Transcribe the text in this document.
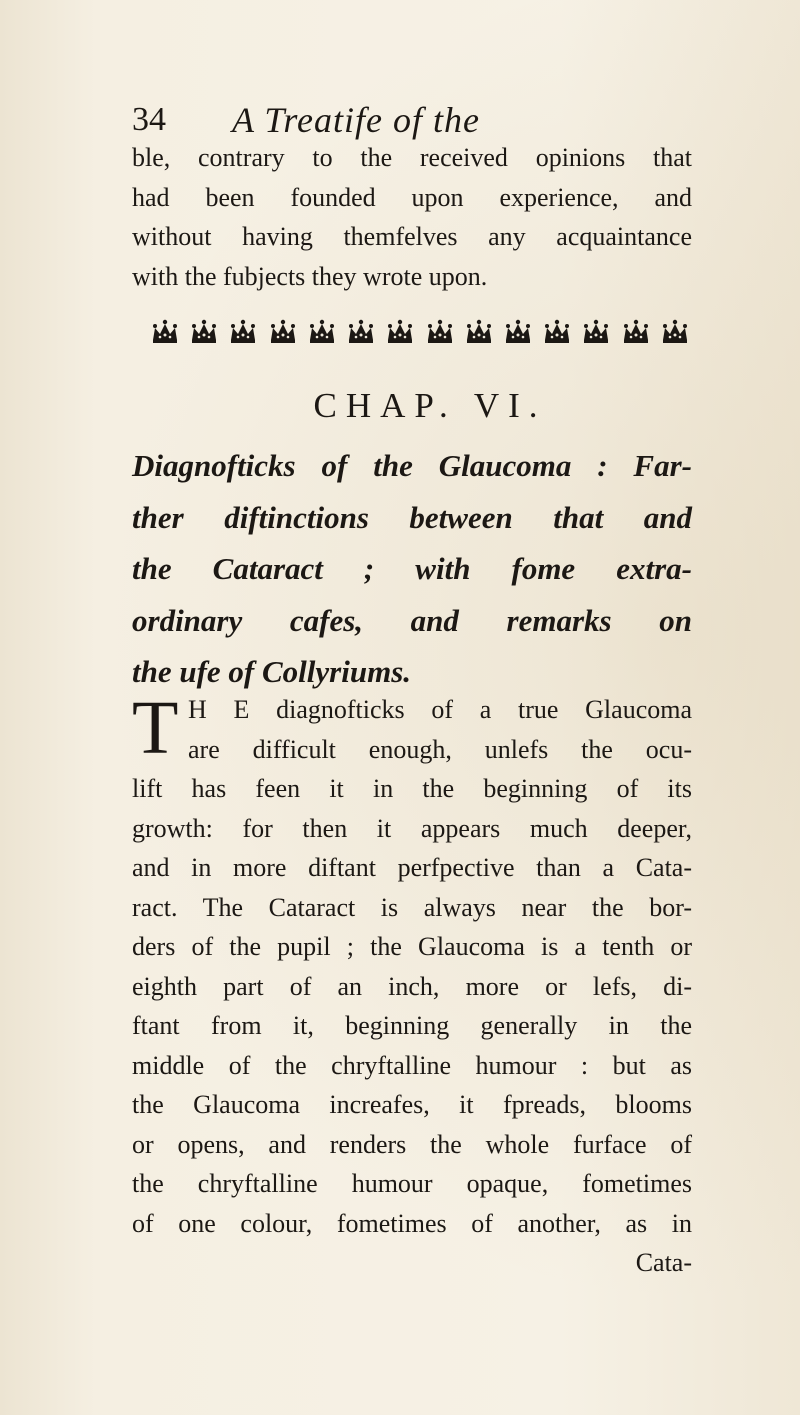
34 A Treatife of the
ble, contrary to the received opinions that
had been founded upon experience, and
without having themfelves any acquaintance
with the fubjects they wrote upon.
CHAP. VI.
Diagnofticks of the Glaucoma : Far-
ther diftinctions between that and
the Cataract ; with fome extra-
ordinary cafes, and remarks on
the ufe of Collyriums.
T H E diagnofticks of a true Glaucoma
are difficult enough, unlefs the ocu-
lift has feen it in the beginning of its
growth: for then it appears much deeper,
and in more diftant perfpective than a Cata-
ract. The Cataract is always near the bor-
ders of the pupil ; the Glaucoma is a tenth or
eighth part of an inch, more or lefs, di-
ftant from it, beginning generally in the
middle of the chryftalline humour : but as
the Glaucoma increafes, it fpreads, blooms
or opens, and renders the whole furface of
the chryftalline humour opaque, fometimes
of one colour, fometimes of another, as in
Cata-
